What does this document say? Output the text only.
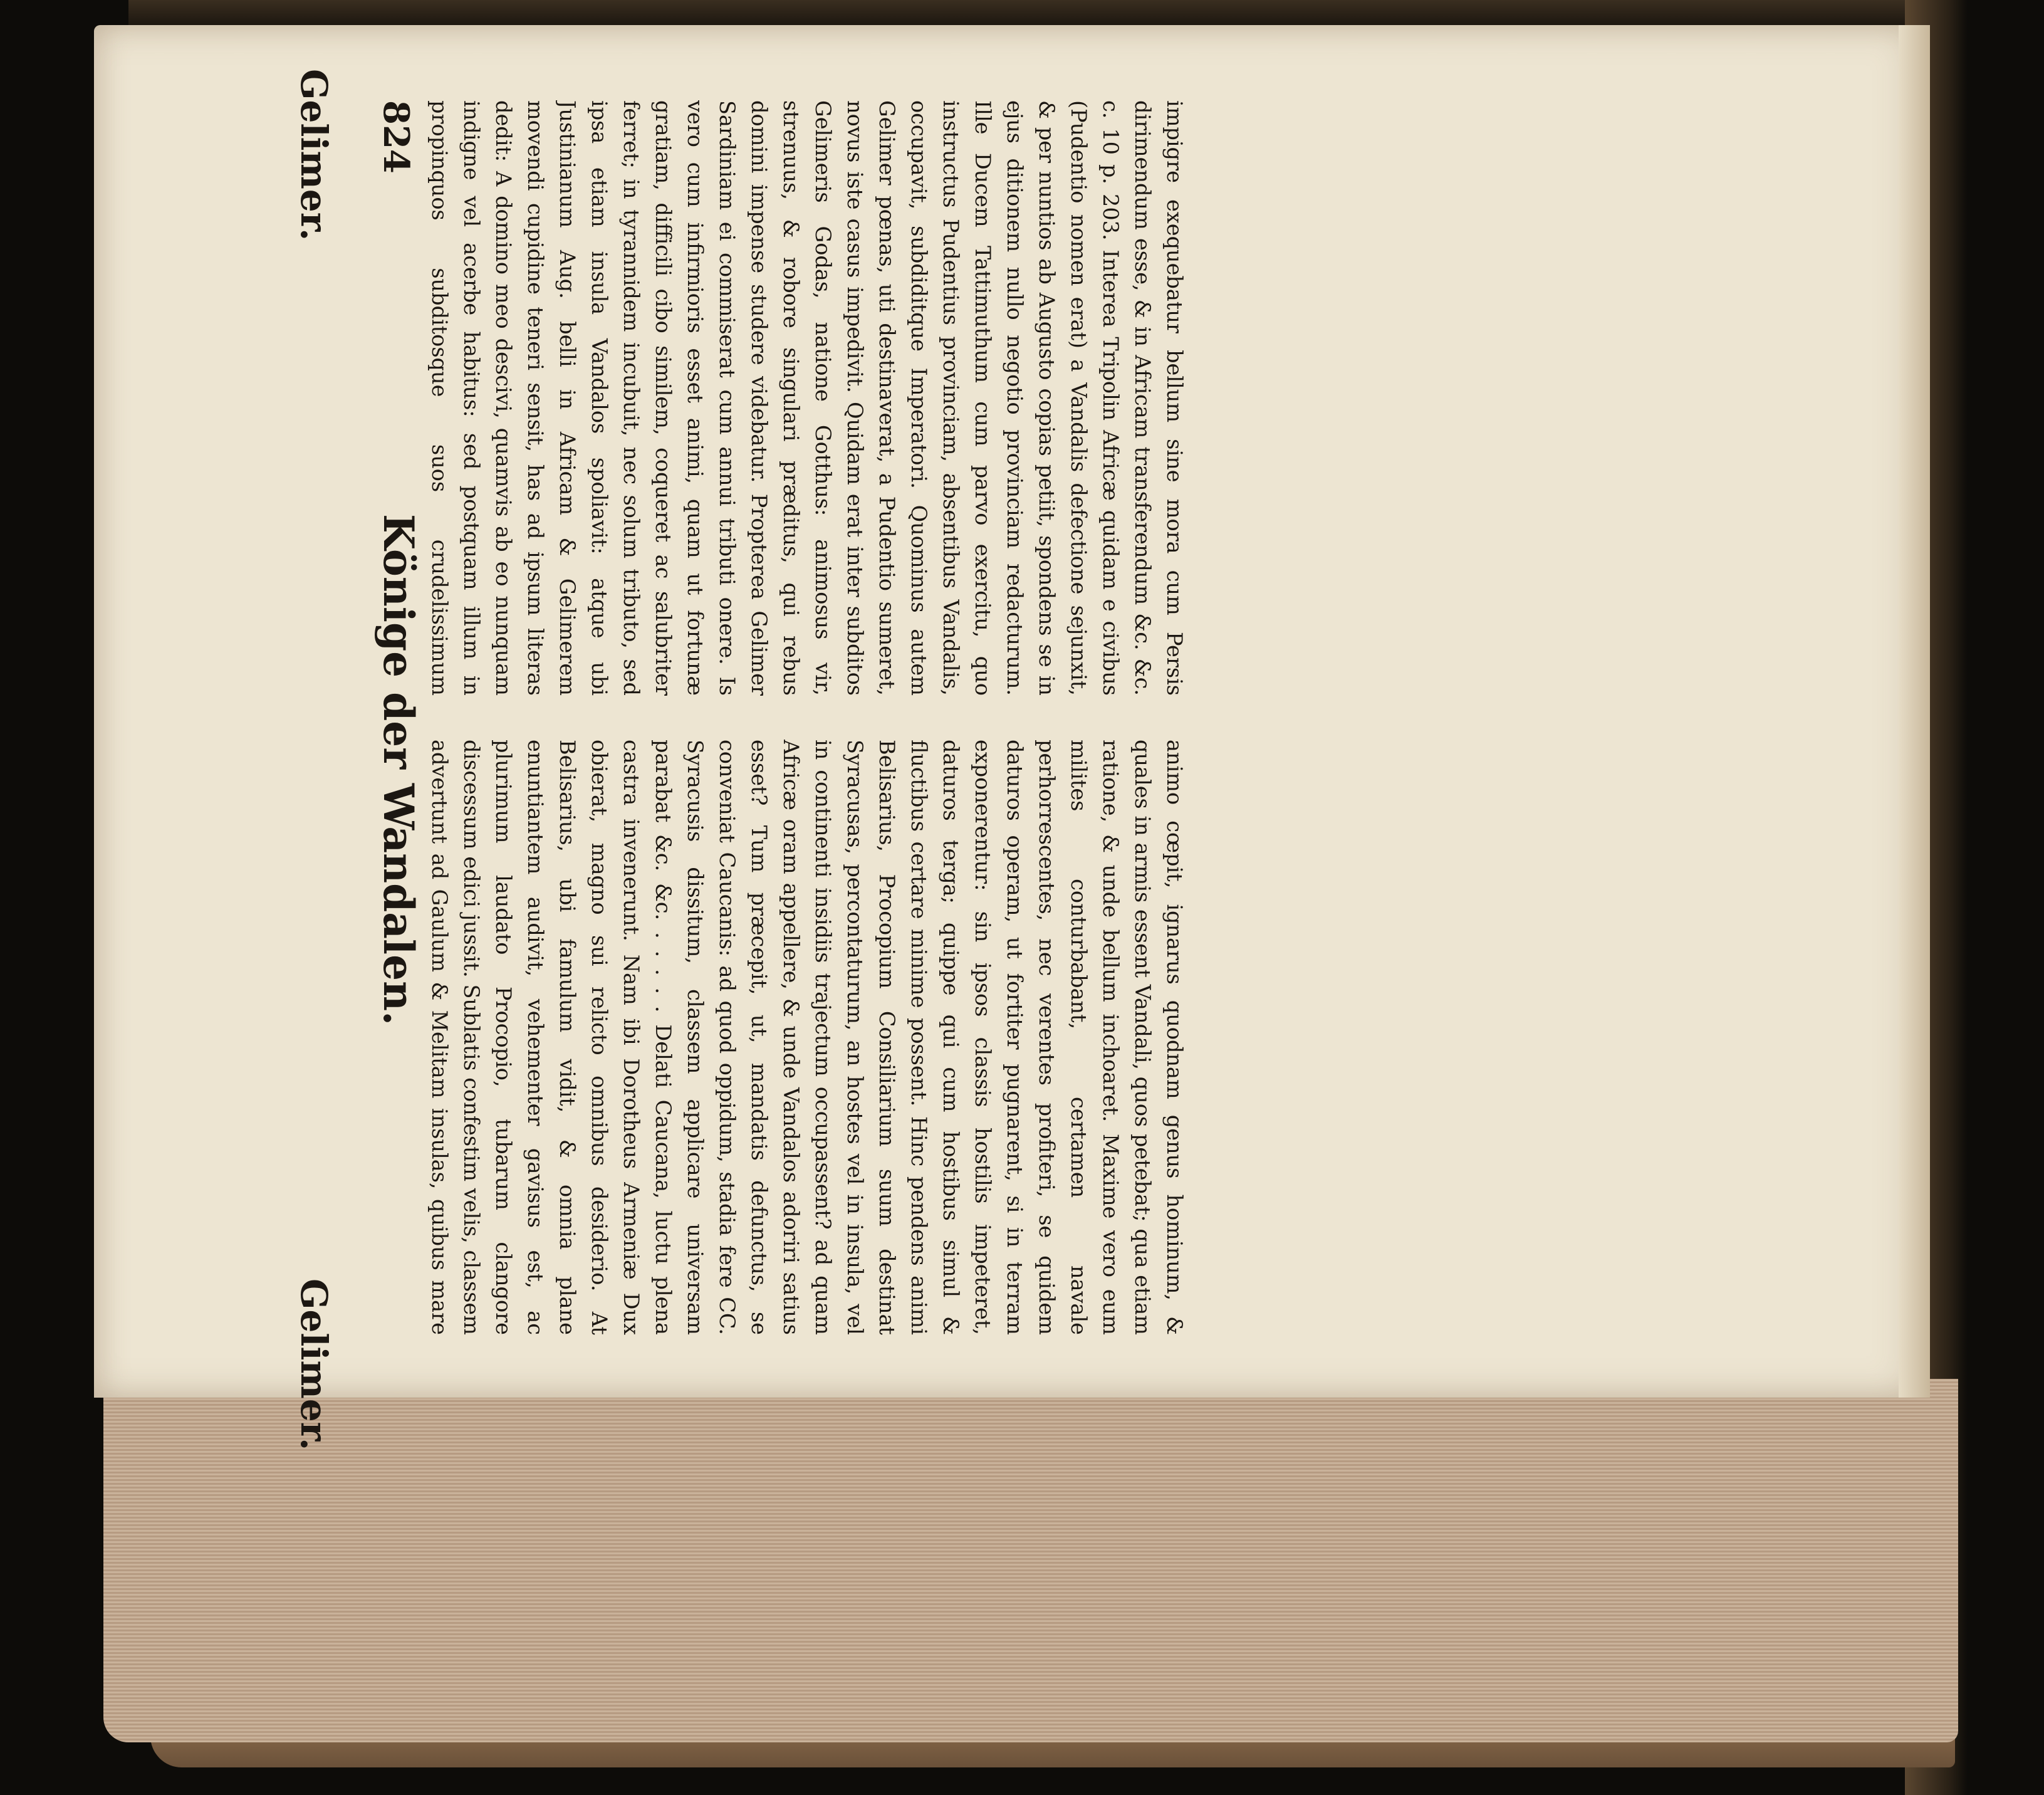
Gelimer.
Gelimer.
824
Könige der Wandalen.

impigre exequebatur bellum sine mora cum Persis dirimendum esse, & in Africam transferendum &c. &c. c. 10 p. 203. Interea Tripolin Africæ quidam e civibus (Pudentio nomen erat) a Vandalis defectione sejunxit, & per nuntios ab Augusto copias petiit, spondens se in ejus ditionem nullo negotio provinciam redacturum. Ille Ducem Tattimuthum cum parvo exercitu, quo instructus Pudentius provinciam, absentibus Vandalis, occupavit, subdiditque Imperatori. Quominus autem Gelimer pœnas, uti destinaverat, a Pudentio sumeret, novus iste casus impedivit. Quidam erat inter subditos Gelimeris Godas, natione Gotthus: animosus vir, strenuus, & robore singulari præditus, qui rebus domini impense studere videbatur. Propterea Gelimer Sardiniam ei commiserat cum annui tributi onere. Is vero cum infirmioris esset animi, quam ut fortunæ gratiam, difficili cibo similem, coqueret ac salubriter ferret; in tyrannidem incubuit, nec solum tributo, sed ipsa etiam insula Vandalos spoliavit: atque ubi Justinianum Aug. belli in Africam & Gelimerem movendi cupidine teneri sensit, has ad ipsum literas dedit: A domino meo descivi, quamvis ab eo nunquam indigne vel acerbe habitus: sed postquam illum in propinquos subditosque suos crudelissimum

animo cœpit, ignarus quodnam genus hominum, & quales in armis essent Vandali, quos petebat; qua etiam ratione, & unde bellum inchoaret. Maxime vero eum milites conturbabant, certamen navale perhorrescentes, nec verentes profiteri, se quidem daturos operam, ut fortiter pugnarent, si in terram exponerentur: sin ipsos classis hostilis impeteret, daturos terga; quippe qui cum hostibus simul & fluctibus certare minime possent. Hinc pendens animi Belisarius, Procopium Consiliarium suum destinat Syracusas, percontaturum, an hostes vel in insula, vel in continenti insidiis trajectum occupassent? ad quam Africæ oram appellere, & unde Vandalos adoriri satius esset? Tum præcepit, ut, mandatis defunctus, se conveniat Caucanis: ad quod oppidum, stadia fere CC. Syracusis dissitum, classem applicare universam parabat &c. &c. . . . . . Delati Caucana, luctu plena castra invenerunt. Nam ibi Dorotheus Armeniæ Dux obierat, magno sui relicto omnibus desiderio. At Belisarius, ubi famulum vidit, & omnia plane enuntiantem audivit, vehementer gavisus est, ac plurimum laudato Procopio, tubarum clangore discessum edici jussit. Sublatis confestim velis, classem advertunt ad Gaulum & Melitam insulas, quibus mare
